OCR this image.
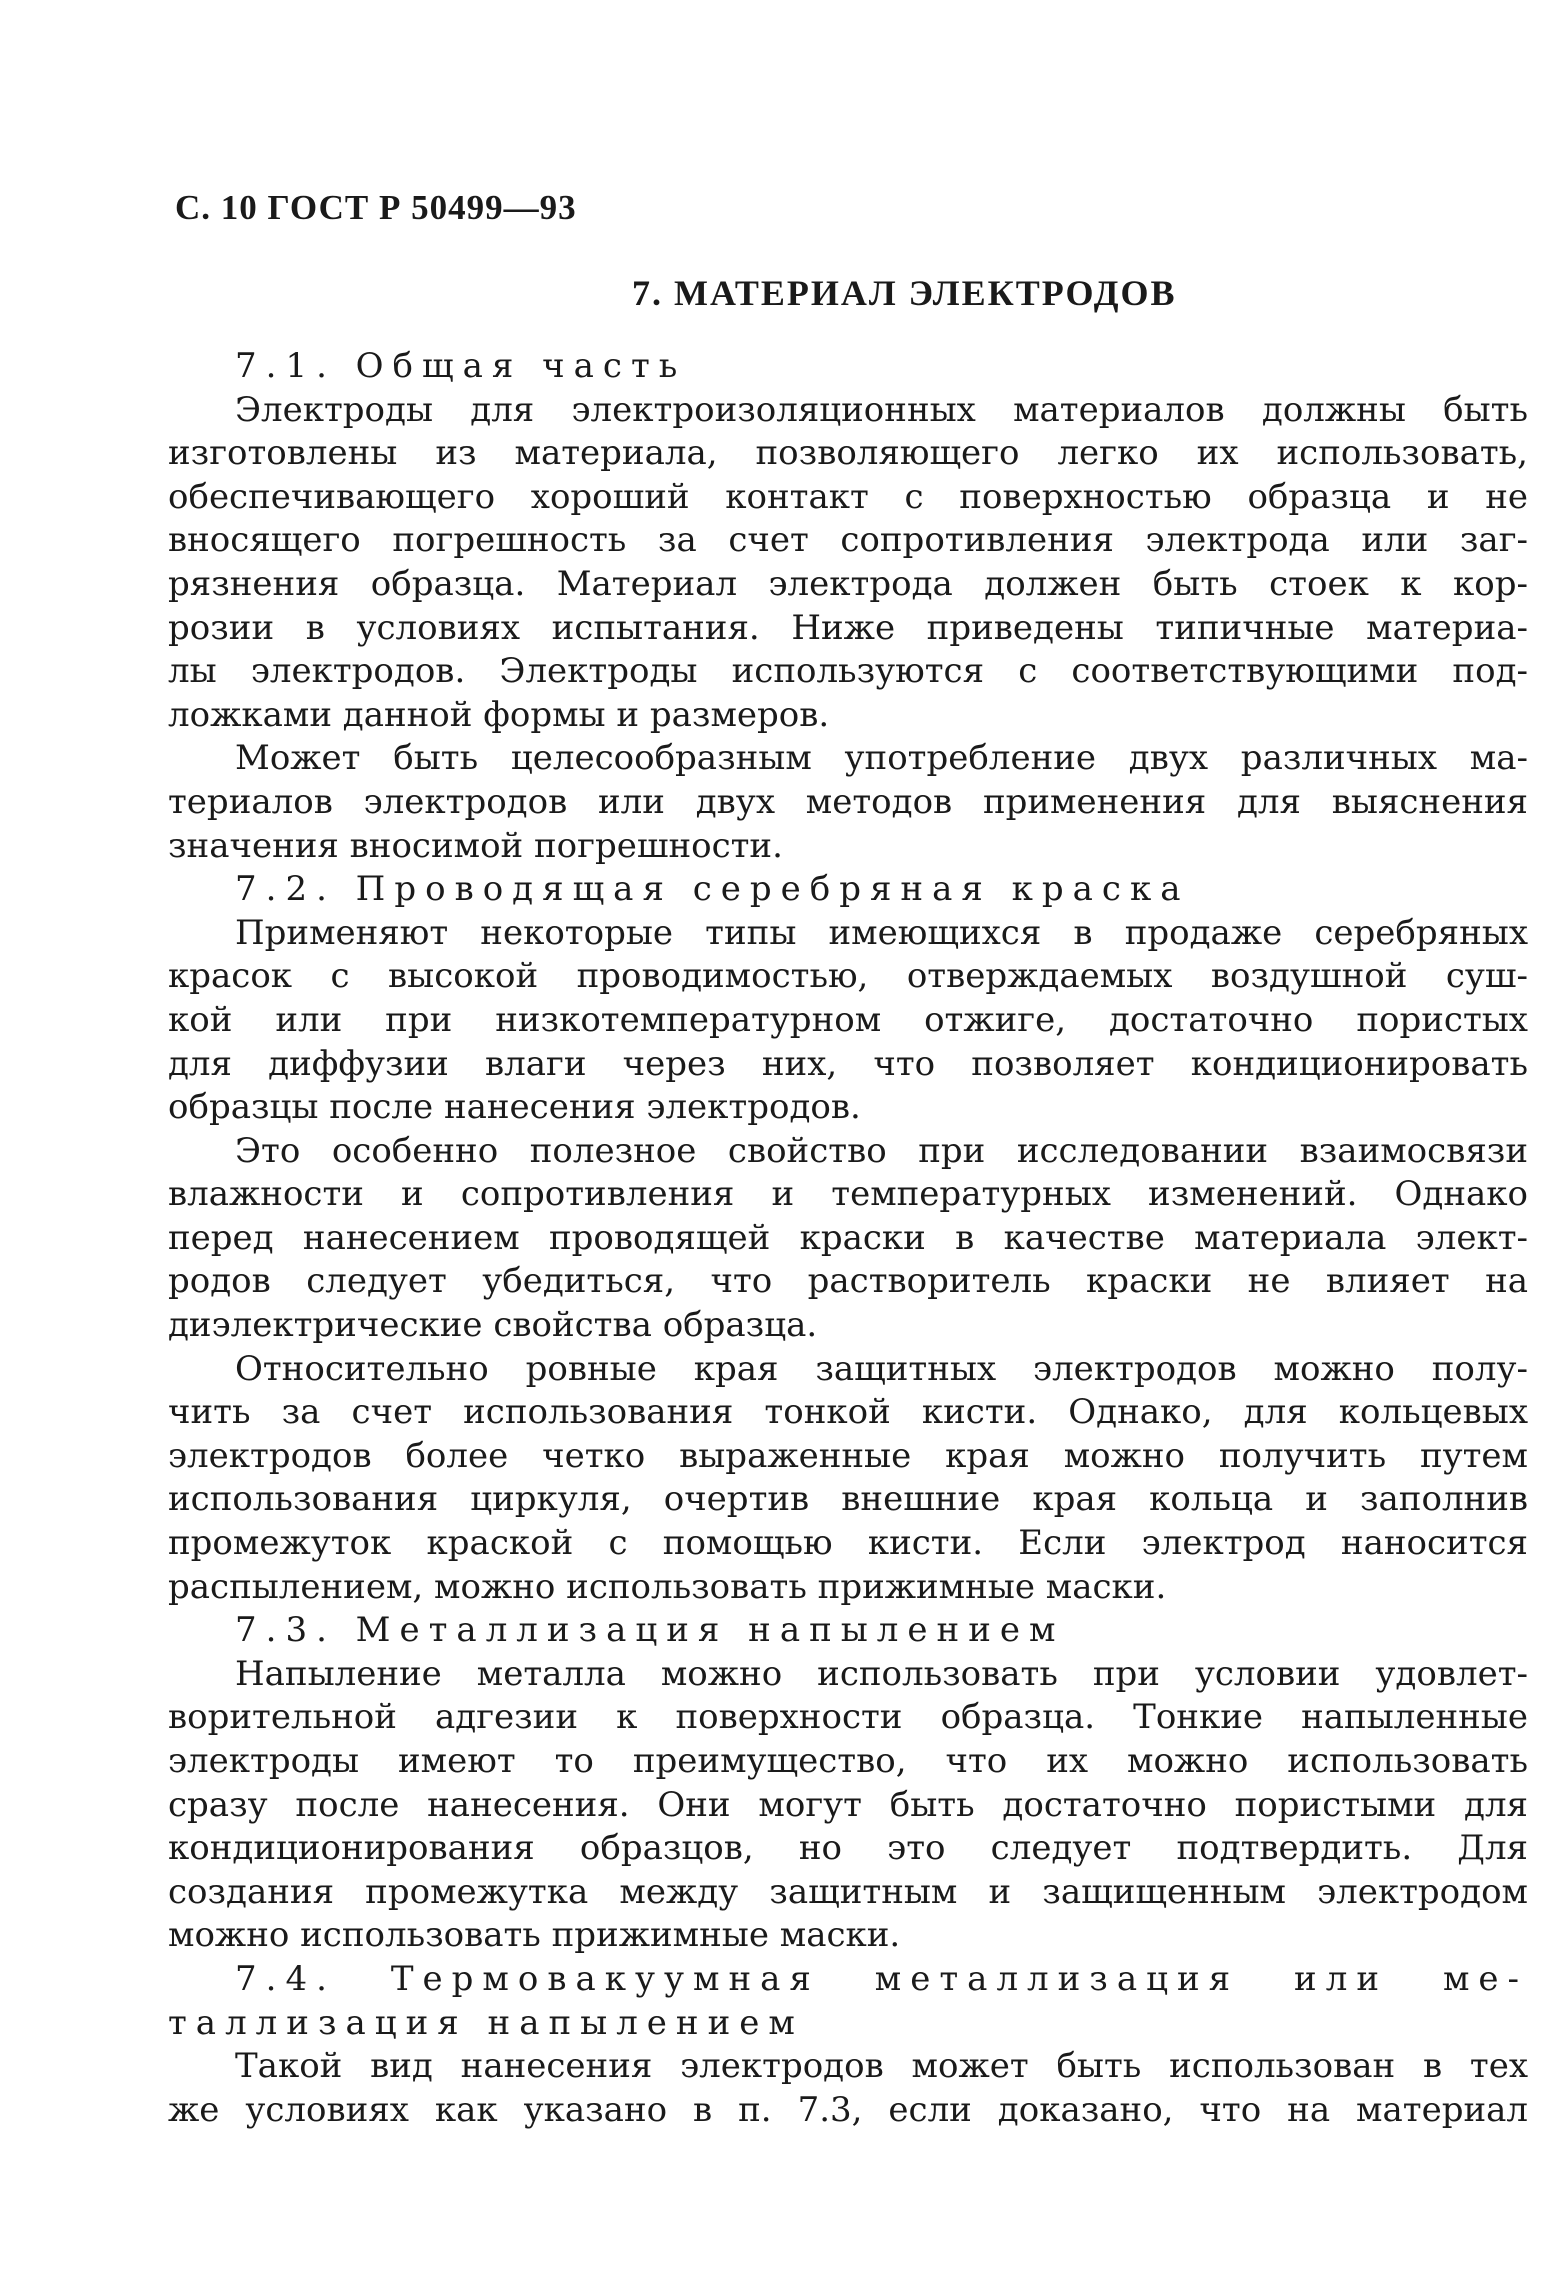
С. 10 ГОСТ Р 50499—93
7. МАТЕРИАЛ ЭЛЕКТРОДОВ
7.1. Общая часть
Электроды для электроизоляционных материалов должны быть
изготовлены из материала, позволяющего легко их использовать,
обеспечивающего хороший контакт с поверхностью образца и не
вносящего погрешность за счет сопротивления электрода или заг-
рязнения образца. Материал электрода должен быть стоек к кор-
розии в условиях испытания. Ниже приведены типичные материа-
лы электродов. Электроды используются с соответствующими под-
ложками данной формы и размеров.
Может быть целесообразным употребление двух различных ма-
териалов электродов или двух методов применения для выяснения
значения вносимой погрешности.
7.2. Проводящая серебряная краска
Применяют некоторые типы имеющихся в продаже серебряных
красок с высокой проводимостью, отверждаемых воздушной суш-
кой или при низкотемпературном отжиге, достаточно пористых
для диффузии влаги через них, что позволяет кондиционировать
образцы после нанесения электродов.
Это особенно полезное свойство при исследовании взаимосвязи
влажности и сопротивления и температурных изменений. Однако
перед нанесением проводящей краски в качестве материала элект-
родов следует убедиться, что растворитель краски не влияет на
диэлектрические свойства образца.
Относительно ровные края защитных электродов можно полу-
чить за счет использования тонкой кисти. Однако, для кольцевых
электродов более четко выраженные края можно получить путем
использования циркуля, очертив внешние края кольца и заполнив
промежуток краской с помощью кисти. Если электрод наносится
распылением, можно использовать прижимные маски.
7.3. Металлизация напылением
Напыление металла можно использовать при условии удовлет-
ворительной адгезии к поверхности образца. Тонкие напыленные
электроды имеют то преимущество, что их можно использовать
сразу после нанесения. Они могут быть достаточно пористыми для
кондиционирования образцов, но это следует подтвердить. Для
создания промежутка между защитным и защищенным электродом
можно использовать прижимные маски.
7.4. Термовакуумная металлизация или ме-
таллизация напылением
Такой вид нанесения электродов может быть использован в тех
же условиях как указано в п. 7.3, если доказано, что на материал
